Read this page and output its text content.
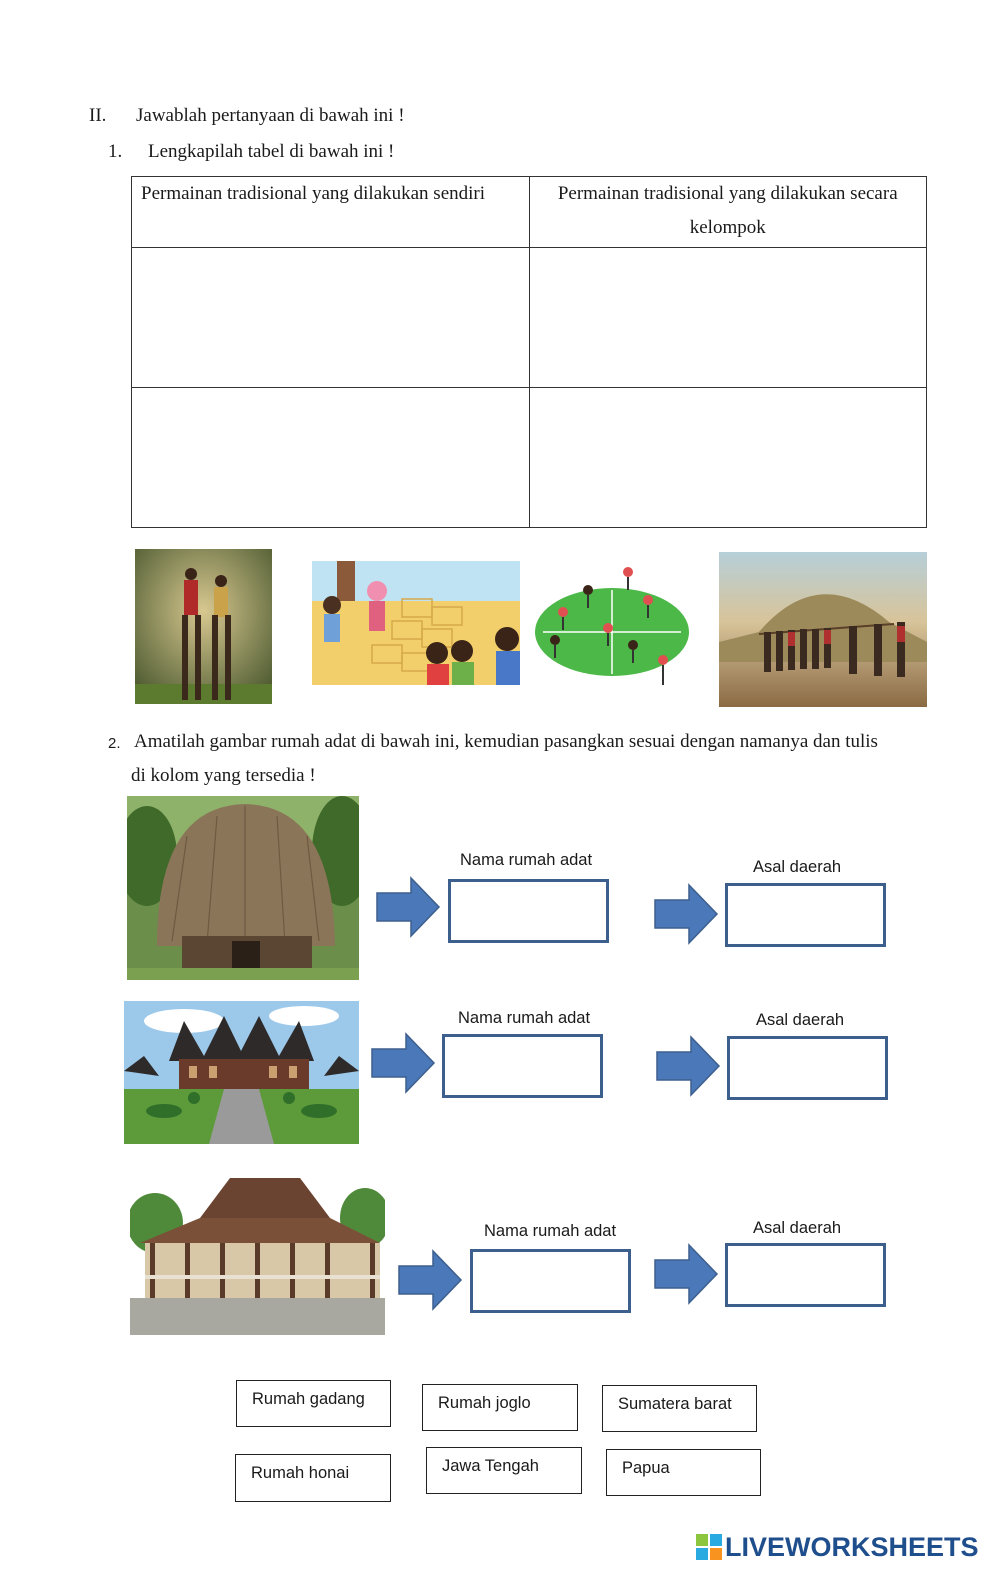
II. Jawablah pertanyaan di bawah ini !
1. Lengkapilah tabel di bawah ini !
Permainan tradisional yang dilakukan sendiri	Permainan tradisional yang dilakukan secara
kelompok

2. Amatilah gambar rumah adat di bawah ini, kemudian pasangkan sesuai dengan namanya dan tulis
di kolom yang tersedia !
Nama rumah adat	Asal daerah
Nama rumah adat	Asal daerah
Nama rumah adat	Asal daerah
Rumah gadang	Rumah joglo	Sumatera barat
Rumah honai	Jawa Tengah	Papua
LIVEWORKSHEETS
